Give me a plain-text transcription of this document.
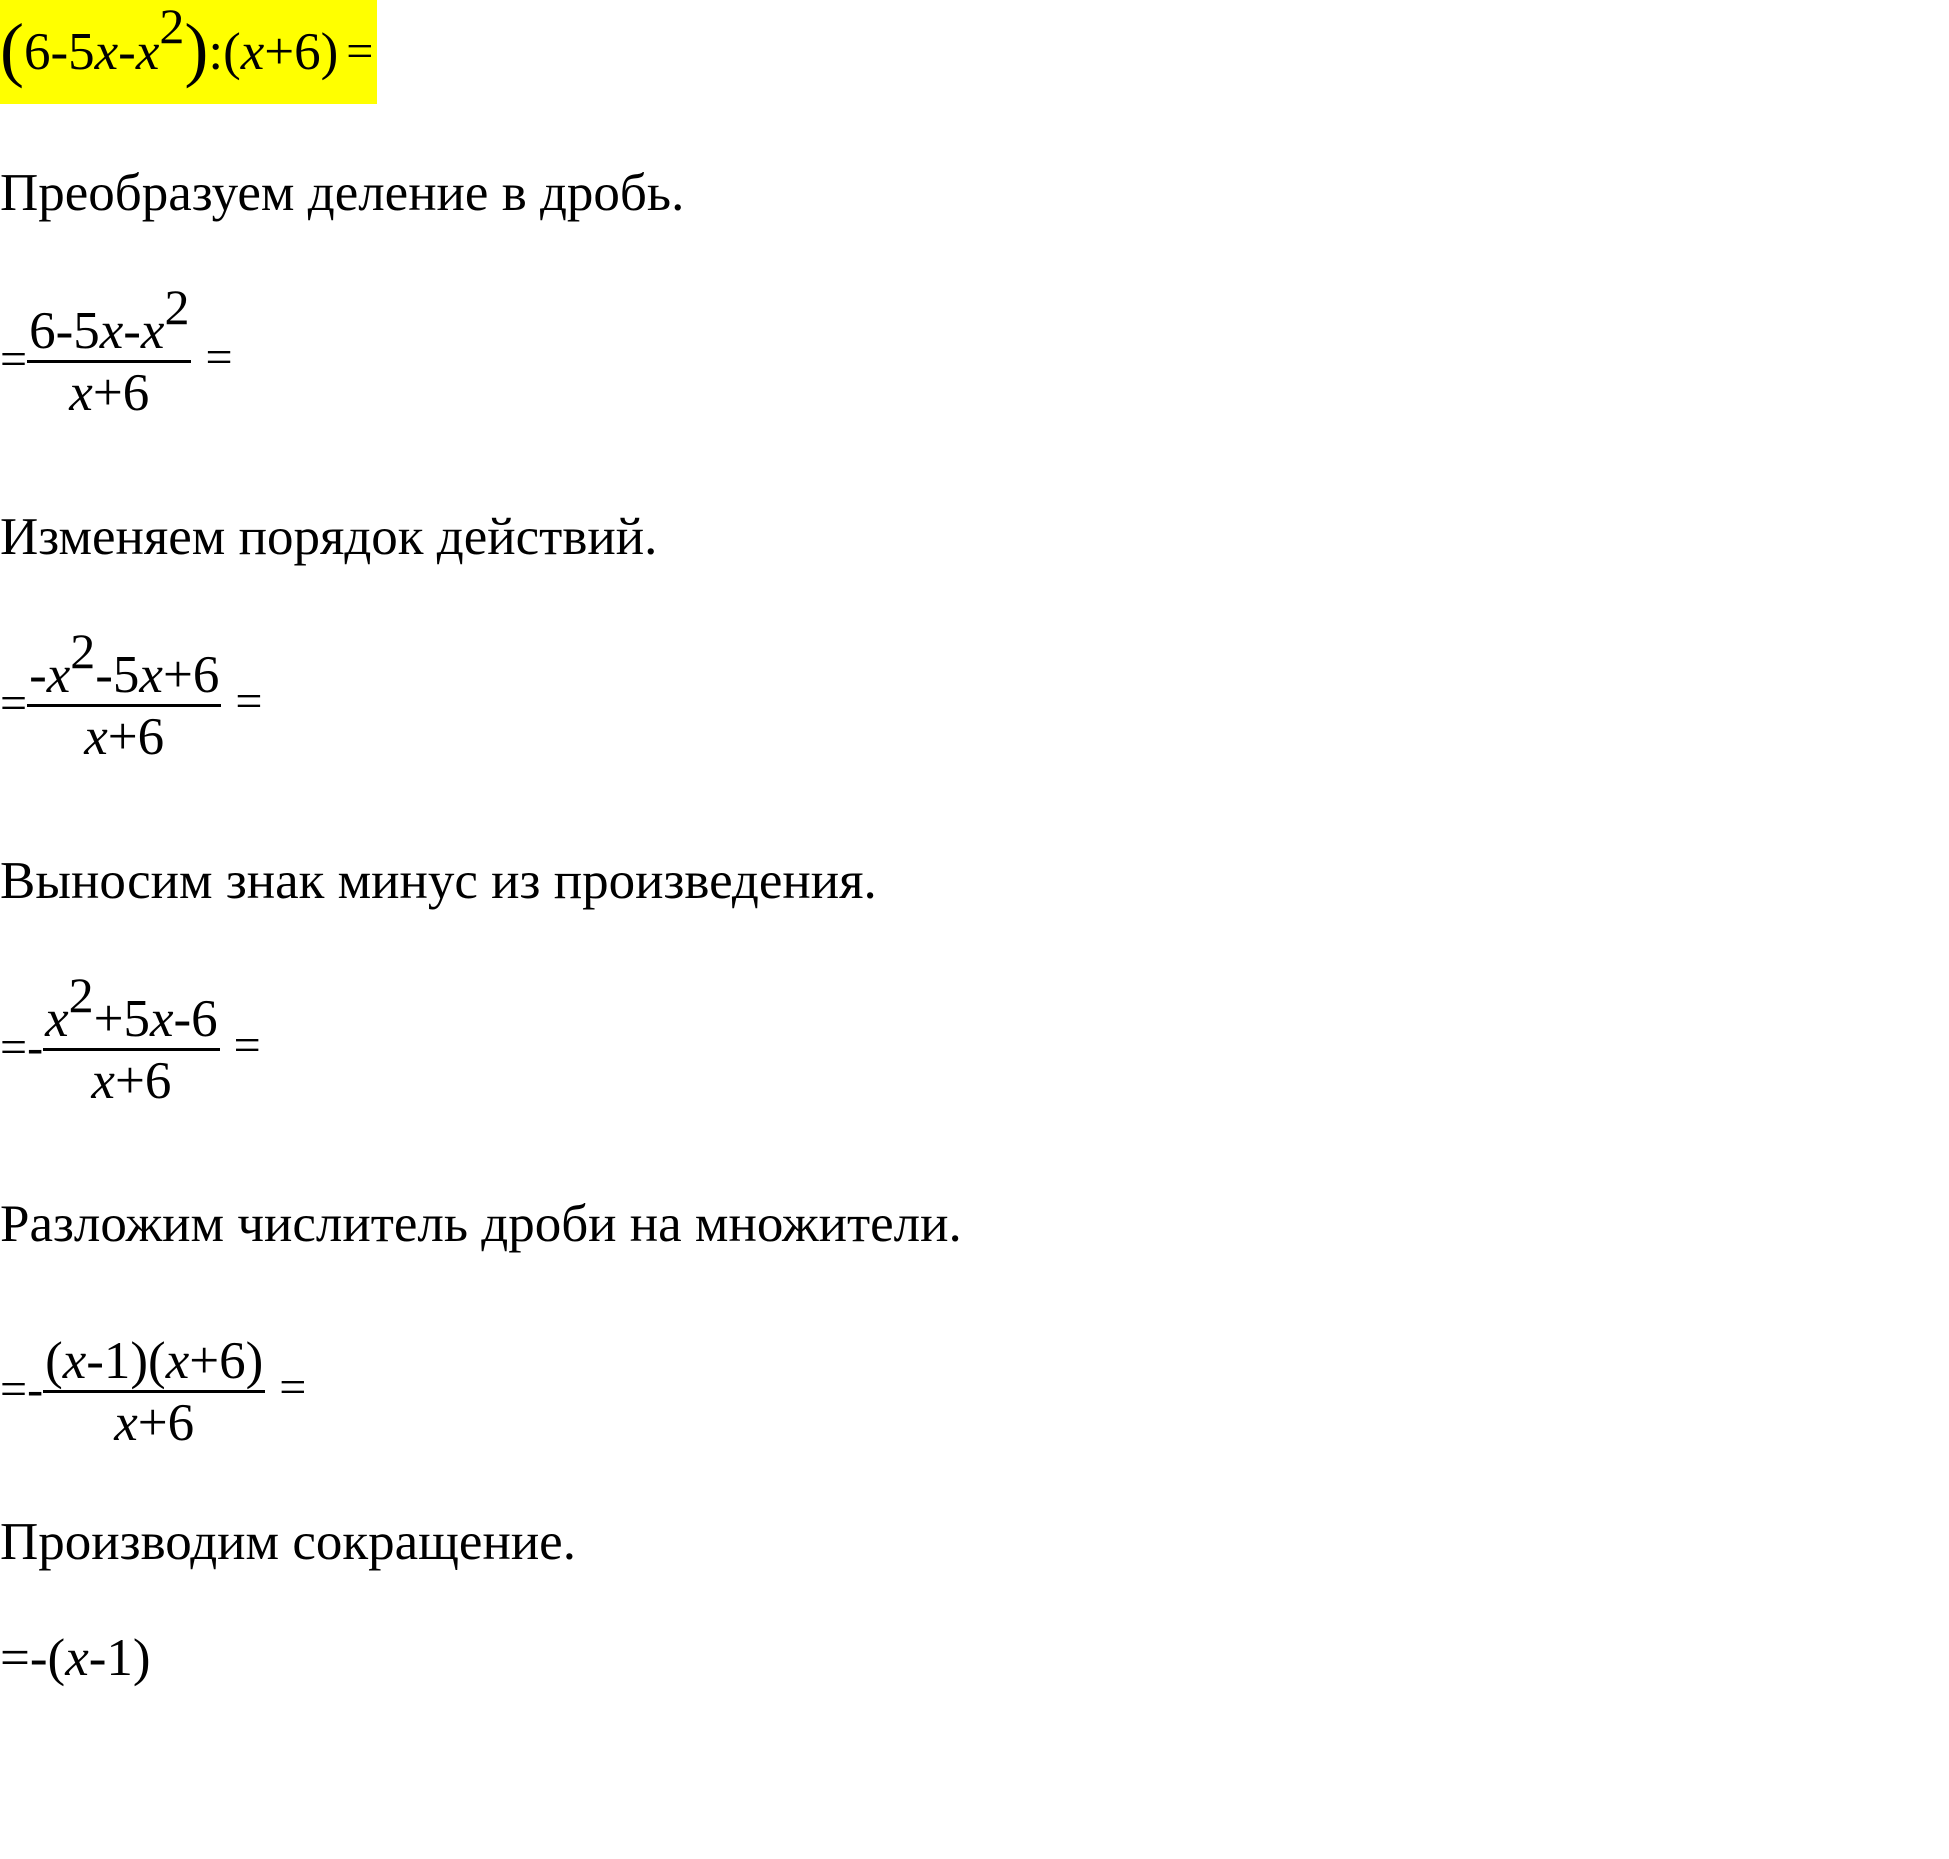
( 6-5 x - x 2 ) :( x +6) =
Преобразуем деление в дробь.
= $\frac{6-5 x - x 2}{x +6}$ =
Изменяем порядок действий.
= $\frac{- x 2 -5 x +6}{x +6}$ =
Выносим знак минус из произведения.
=- $\frac{x 2 +5 x -6}{x +6}$ =
Разложим числитель дроби на множители.
=- $\frac{( x -1)( x +6)}{x +6}$ =
Производим сокращение.
=-( x -1)
